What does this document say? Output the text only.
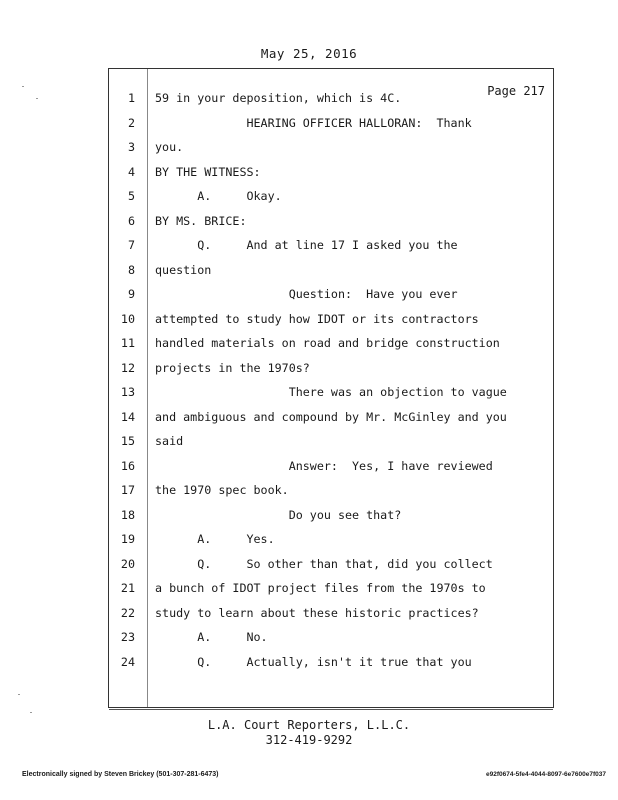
May 25, 2016
Page 217
1 59 in your deposition, which is 4C.
2 HEARING OFFICER HALLORAN:  Thank
3 you.
4 BY THE WITNESS:
5 A.     Okay.
6 BY MS. BRICE:
7 Q.     And at line 17 I asked you the
8 question
9 Question:  Have you ever
10 attempted to study how IDOT or its contractors
11 handled materials on road and bridge construction
12 projects in the 1970s?
13 There was an objection to vague
14 and ambiguous and compound by Mr. McGinley and you
15 said
16 Answer:  Yes, I have reviewed
17 the 1970 spec book.
18 Do you see that?
19 A.     Yes.
20 Q.     So other than that, did you collect
21 a bunch of IDOT project files from the 1970s to
22 study to learn about these historic practices?
23 A.     No.
24 Q.     Actually, isn't it true that you
L.A. Court Reporters, L.L.C.
312-419-9292
Electronically signed by Steven Brickey (501-307-281-6473)	e92f0674-5fe4-4044-8097-6e7600e7f037
